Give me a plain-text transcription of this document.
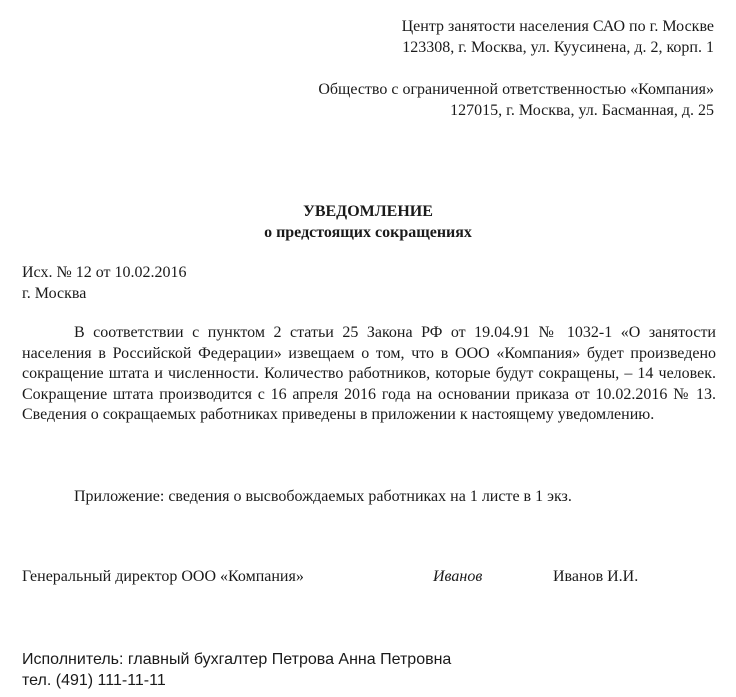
Центр занятости населения САО по г. Москве
123308, г. Москва, ул. Куусинена, д. 2, корп. 1
Общество с ограниченной ответственностью «Компания»
127015, г. Москва, ул. Басманная, д. 25
УВЕДОМЛЕНИЕ
о предстоящих сокращениях
Исх. № 12 от 10.02.2016
г. Москва
В соответствии с пунктом 2 статьи 25 Закона РФ от 19.04.91 № 1032-1 «О занятости населения в Российской Федерации» извещаем о том, что в ООО «Компания» будет произведено сокращение штата и численности. Количество работников, которые будут сокращены, – 14 человек. Сокращение штата производится с 16 апреля 2016 года на основании приказа от 10.02.2016 № 13. Сведения о сокращаемых работниках приведены в приложении к настоящему уведомлению.
Приложение: сведения о высвобождаемых работниках на 1 листе в 1 экз.
Генеральный директор ООО «Компания»	Иванов	Иванов И.И.
Исполнитель: главный бухгалтер Петрова Анна Петровна
тел. (491) 111-11-11
